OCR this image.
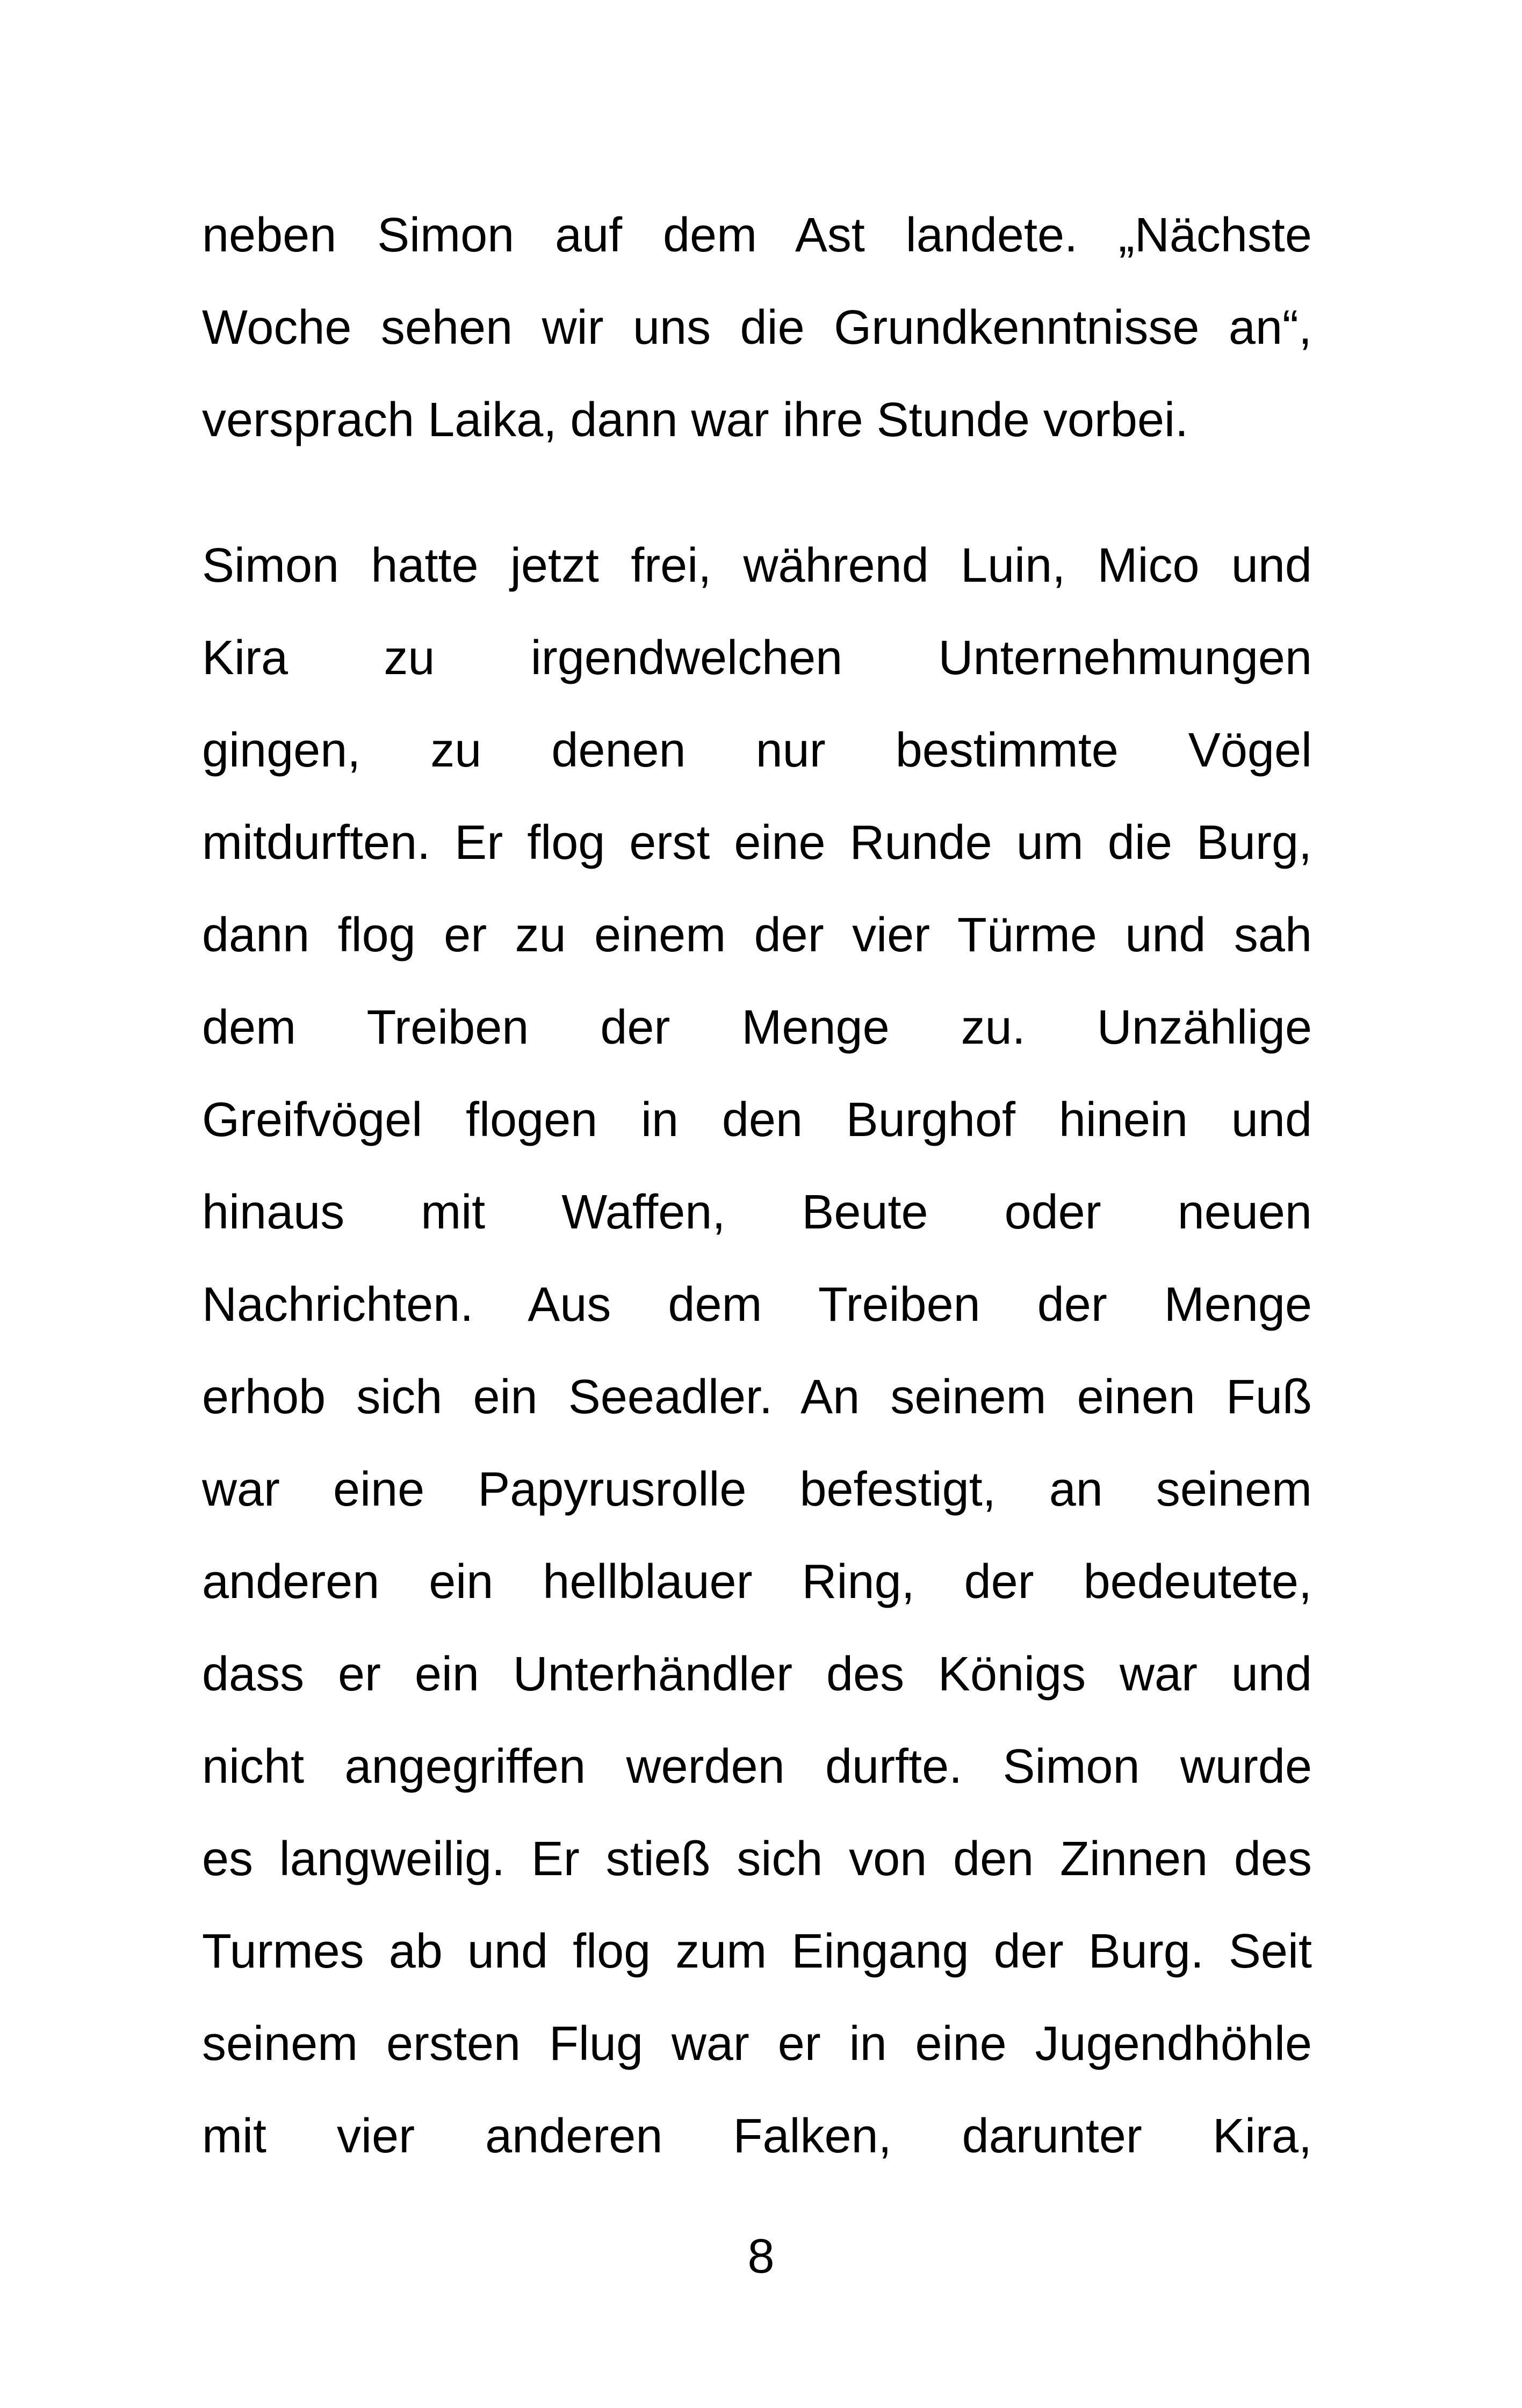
neben Simon auf dem Ast landete. „Nächste
Woche sehen wir uns die Grundkenntnisse an“,
versprach Laika, dann war ihre Stunde vorbei.
Simon hatte jetzt frei, während Luin, Mico und
Kira zu irgendwelchen Unternehmungen
gingen, zu denen nur bestimmte Vögel
mitdurften. Er flog erst eine Runde um die Burg,
dann flog er zu einem der vier Türme und sah
dem Treiben der Menge zu. Unzählige
Greifvögel flogen in den Burghof hinein und
hinaus mit Waffen, Beute oder neuen
Nachrichten. Aus dem Treiben der Menge
erhob sich ein Seeadler. An seinem einen Fuß
war eine Papyrusrolle befestigt, an seinem
anderen ein hellblauer Ring, der bedeutete,
dass er ein Unterhändler des Königs war und
nicht angegriffen werden durfte. Simon wurde
es langweilig. Er stieß sich von den Zinnen des
Turmes ab und flog zum Eingang der Burg. Seit
seinem ersten Flug war er in eine Jugendhöhle
mit vier anderen Falken, darunter Kira,
8
